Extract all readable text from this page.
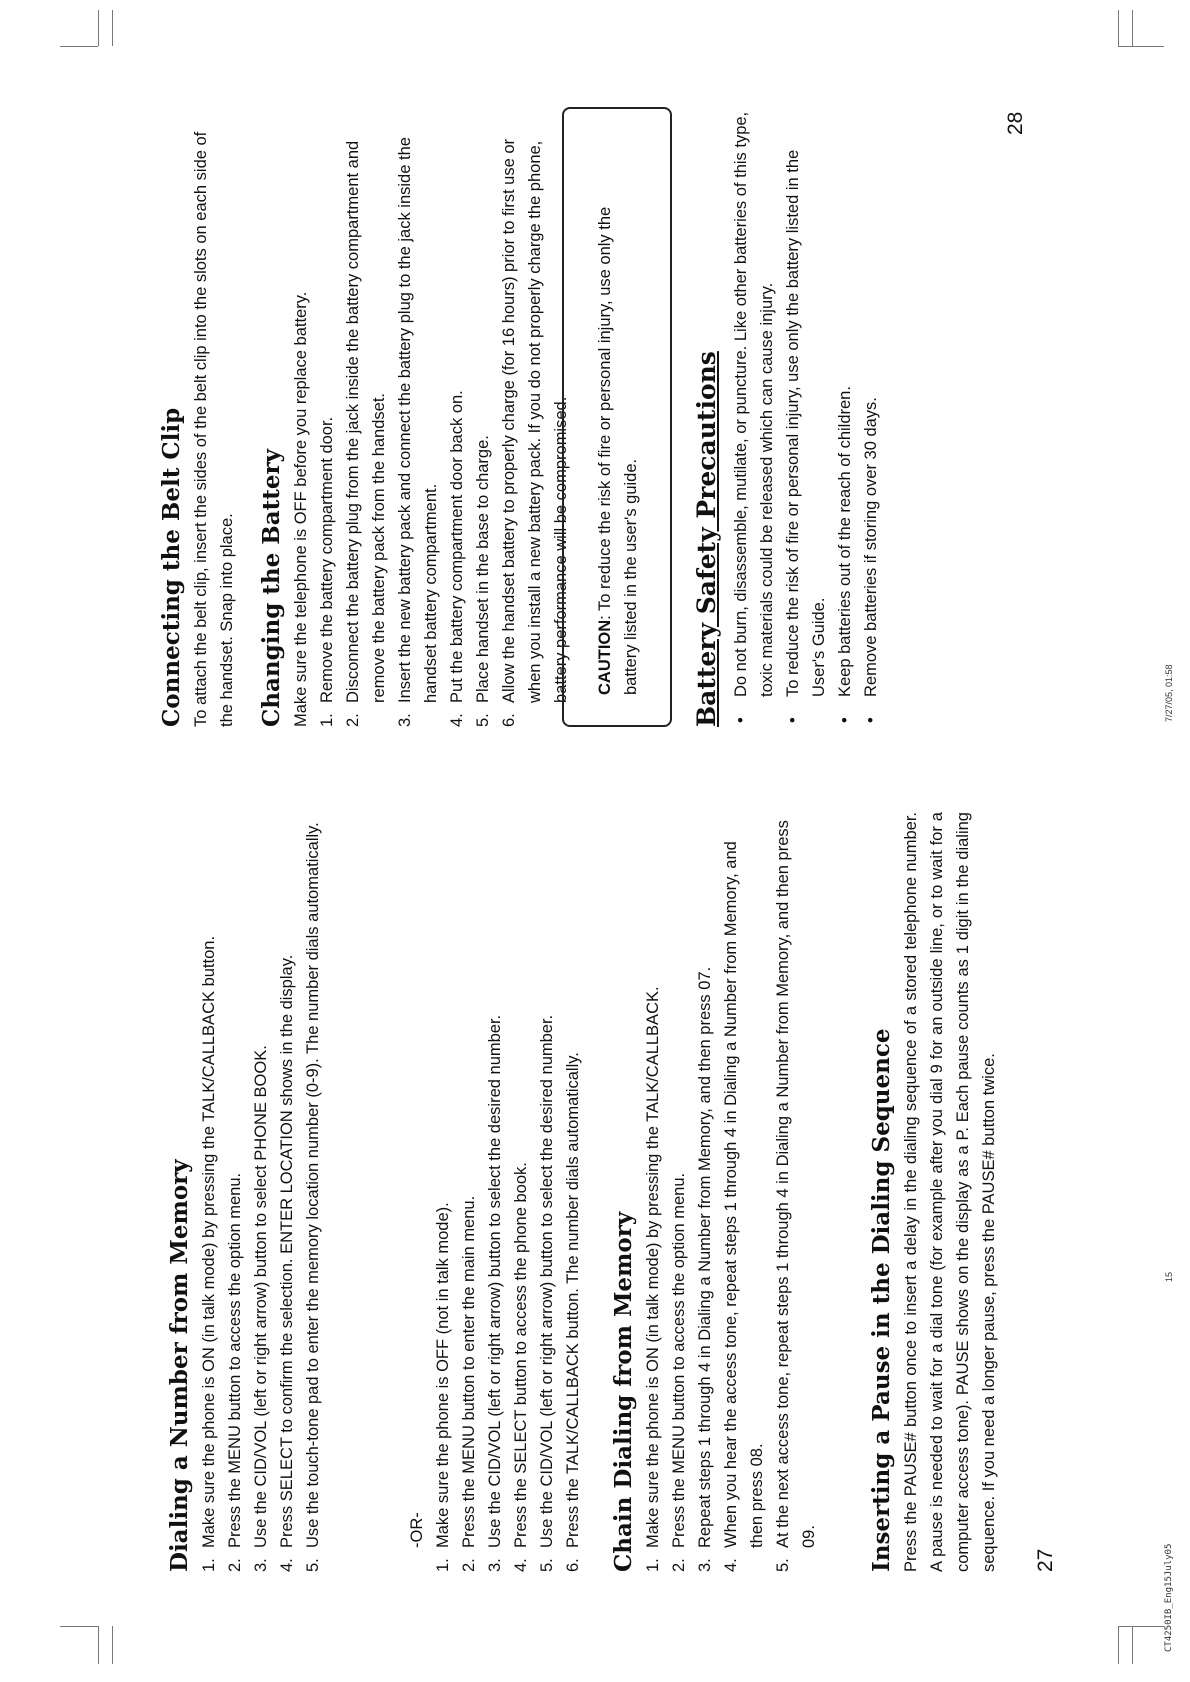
Dialing a Number from Memory 1.
Make sure the phone is ON (in talk mode) by pressing the TALK/CALLBACK button.
2.
Press the MENU button to access the option menu.
3.
Use the CID/VOL (left or right arrow) button to select PHONE BOOK.
4.
Press SELECT to confirm the selection. ENTER LOCATION shows in the display.
5.
Use the touch-tone pad to enter the memory location number (0-9). The number dials automatically.	-OR-
1.
Make sure the phone is OFF (not in talk mode).
2.
Press the MENU button to enter the main menu.
3.
Use the CID/VOL (left or right arrow) button to select the desired number.
4.
Press the SELECT button to access the phone book.
5.
Use the CID/VOL (left or right arrow) button to select the desired number.
6.
Press the TALK/CALLBACK button. The number dials automatically. Chain Dialing from Memory 1.
Make sure the phone is ON (in talk mode) by pressing the TALK/CALLBACK.
2.
Press the MENU button to access the option menu.
3.
Repeat steps 1 through 4 in Dialing a Number from Memory, and then press 07.
4.
When you hear the access tone, repeat steps 1 through 4 in Dialing a Number from Memory, and then press 08.
5.
At the next access tone, repeat steps 1 through 4 in Dialing a Number from Memory, and then press 09. Inserting a Pause in the Dialing Sequence Press the PAUSE# button once to insert a delay in the dialing sequence of a stored telephone number. A pause is needed to wait for a dial tone (for example after you dial 9 for an outside line, or to wait for a computer access tone). PAUSE shows on the display as a P. Each pause counts as 1 digit in the dialing sequence. If you need a longer pause, press the PAUSE# button twice. 27
Connecting the Belt Clip To attach the belt clip, insert the sides of the belt clip into the slots on each side of the handset. Snap into place. Changing the Battery Make sure the telephone is OFF before you replace battery. 1.
Remove the battery compartment door.
2.
Disconnect the battery plug from the jack inside the battery compartment and remove the battery pack from the handset.
3.
Insert the new battery pack and connect the battery plug to the jack inside the handset battery compartment.
4.
Put the battery compartment door back on.
5.
Place handset in the base to charge.
6.
Allow the handset battery to properly charge (for 16 hours) prior to first use or when you install a new battery pack. If you do not properly charge the phone, battery performance will be compromised. CAUTION: To reduce the risk of fire or personal injury, use only the battery listed in the user's guide. Battery Safety Precautions • Do not burn, disassemble, mutilate, or puncture. Like other batteries of this type, toxic materials could be released which can cause injury. • To reduce the risk of fire or personal injury, use only the battery listed in the User's Guide. • Keep batteries out of the reach of children. • Remove batteries if storing over 30 days.
28
CT4250IB_Eng15July05
15
7/27/05, 01:58
